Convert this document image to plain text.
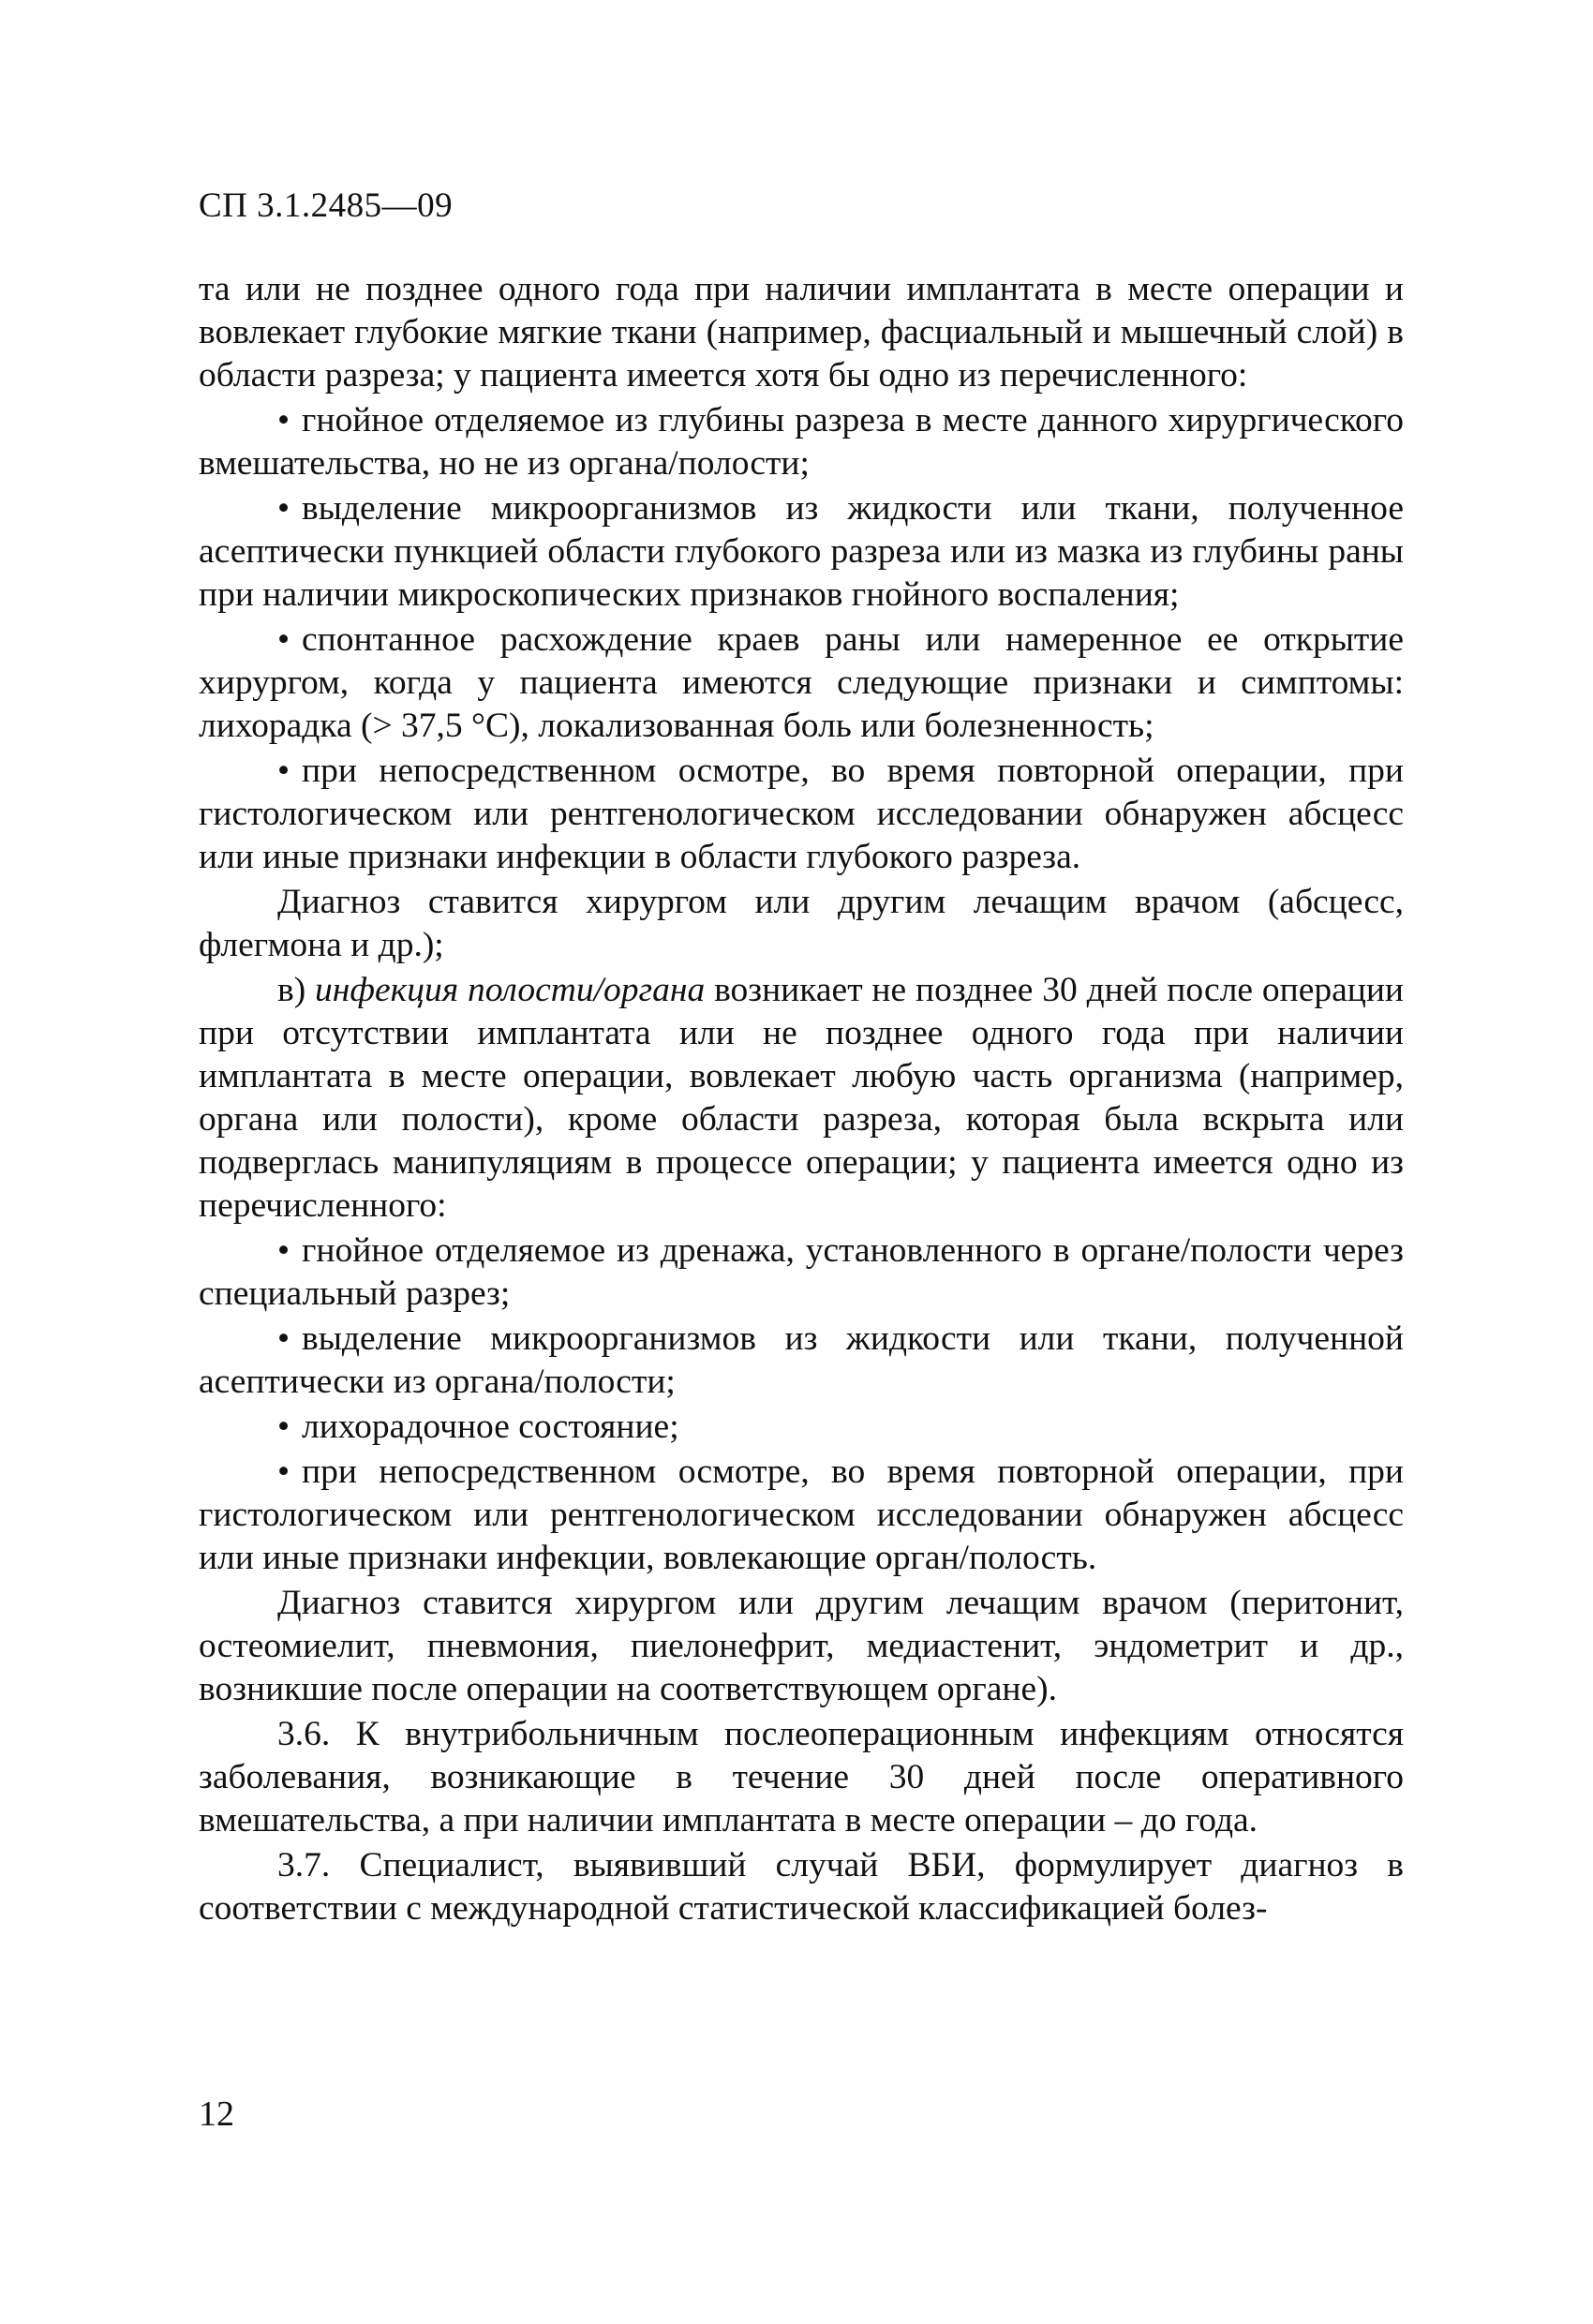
СП 3.1.2485—09

та или не позднее одного года при наличии имплантата в месте операции и вовлекает глубокие мягкие ткани (например, фасциальный и мышечный слой) в области разреза; у пациента имеется хотя бы одно из перечисленного:

• гнойное отделяемое из глубины разреза в месте данного хирургического вмешательства, но не из органа/полости;

• выделение микроорганизмов из жидкости или ткани, полученное асептически пункцией области глубокого разреза или из мазка из глубины раны при наличии микроскопических признаков гнойного воспаления;

• спонтанное расхождение краев раны или намеренное ее открытие хирургом, когда у пациента имеются следующие признаки и симптомы: лихорадка (> 37,5 °С), локализованная боль или болезненность;

• при непосредственном осмотре, во время повторной операции, при гистологическом или рентгенологическом исследовании обнаружен абсцесс или иные признаки инфекции в области глубокого разреза.

Диагноз ставится хирургом или другим лечащим врачом (абсцесс, флегмона и др.);

в) инфекция полости/органа возникает не позднее 30 дней после операции при отсутствии имплантата или не позднее одного года при наличии имплантата в месте операции, вовлекает любую часть организма (например, органа или полости), кроме области разреза, которая была вскрыта или подверглась манипуляциям в процессе операции; у пациента имеется одно из перечисленного:

• гнойное отделяемое из дренажа, установленного в органе/полости через специальный разрез;

• выделение микроорганизмов из жидкости или ткани, полученной асептически из органа/полости;

• лихорадочное состояние;

• при непосредственном осмотре, во время повторной операции, при гистологическом или рентгенологическом исследовании обнаружен абсцесс или иные признаки инфекции, вовлекающие орган/полость.

Диагноз ставится хирургом или другим лечащим врачом (перитонит, остеомиелит, пневмония, пиелонефрит, медиастенит, эндометрит и др., возникшие после операции на соответствующем органе).

3.6. К внутрибольничным послеоперационным инфекциям относятся заболевания, возникающие в течение 30 дней после оперативного вмешательства, а при наличии имплантата в месте операции – до года.

3.7. Специалист, выявивший случай ВБИ, формулирует диагноз в соответствии с международной статистической классификацией болез-

12
